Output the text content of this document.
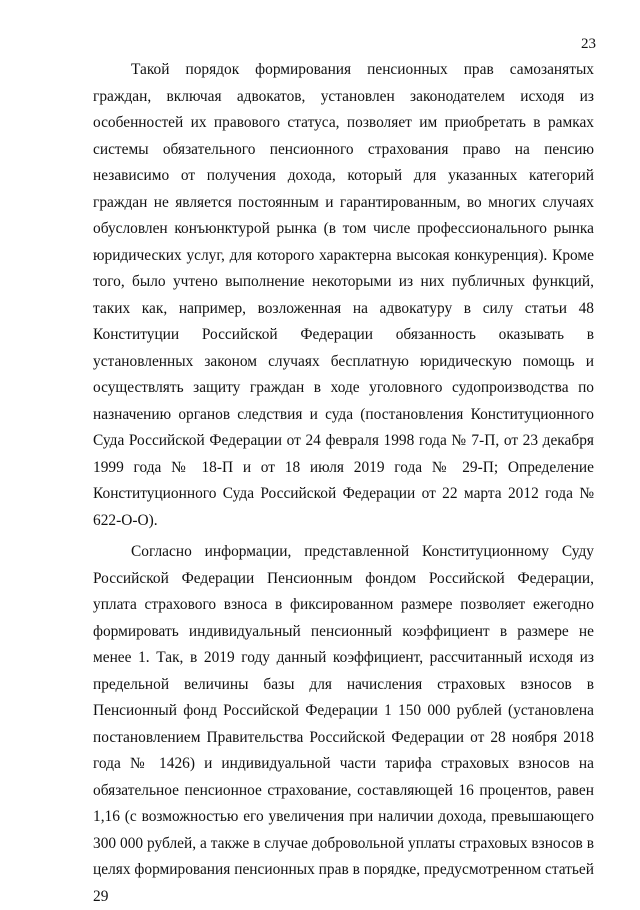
23

Такой порядок формирования пенсионных прав самозанятых граждан, включая адвокатов, установлен законодателем исходя из особенностей их правового статуса, позволяет им приобретать в рамках системы обязательного пенсионного страхования право на пенсию независимо от получения дохода, который для указанных категорий граждан не является постоянным и гарантированным, во многих случаях обусловлен конъюнктурой рынка (в том числе профессионального рынка юридических услуг, для которого характерна высокая конкуренция). Кроме того, было учтено выполнение некоторыми из них публичных функций, таких как, например, возложенная на адвокатуру в силу статьи 48 Конституции Российской Федерации обязанность оказывать в установленных законом случаях бесплатную юридическую помощь и осуществлять защиту граждан в ходе уголовного судопроизводства по назначению органов следствия и суда (постановления Конституционного Суда Российской Федерации от 24 февраля 1998 года № 7-П, от 23 декабря 1999 года № 18-П и от 18 июля 2019 года № 29-П; Определение Конституционного Суда Российской Федерации от 22 марта 2012 года № 622-О-О).

Согласно информации, представленной Конституционному Суду Российской Федерации Пенсионным фондом Российской Федерации, уплата страхового взноса в фиксированном размере позволяет ежегодно формировать индивидуальный пенсионный коэффициент в размере не менее 1. Так, в 2019 году данный коэффициент, рассчитанный исходя из предельной величины базы для начисления страховых взносов в Пенсионный фонд Российской Федерации 1 150 000 рублей (установлена постановлением Правительства Российской Федерации от 28 ноября 2018 года № 1426) и индивидуальной части тарифа страховых взносов на обязательное пенсионное страхование, составляющей 16 процентов, равен 1,16 (с возможностью его увеличения при наличии дохода, превышающего 300 000 рублей, а также в случае добровольной уплаты страховых взносов в целях формирования пенсионных прав в порядке, предусмотренном статьей 29
